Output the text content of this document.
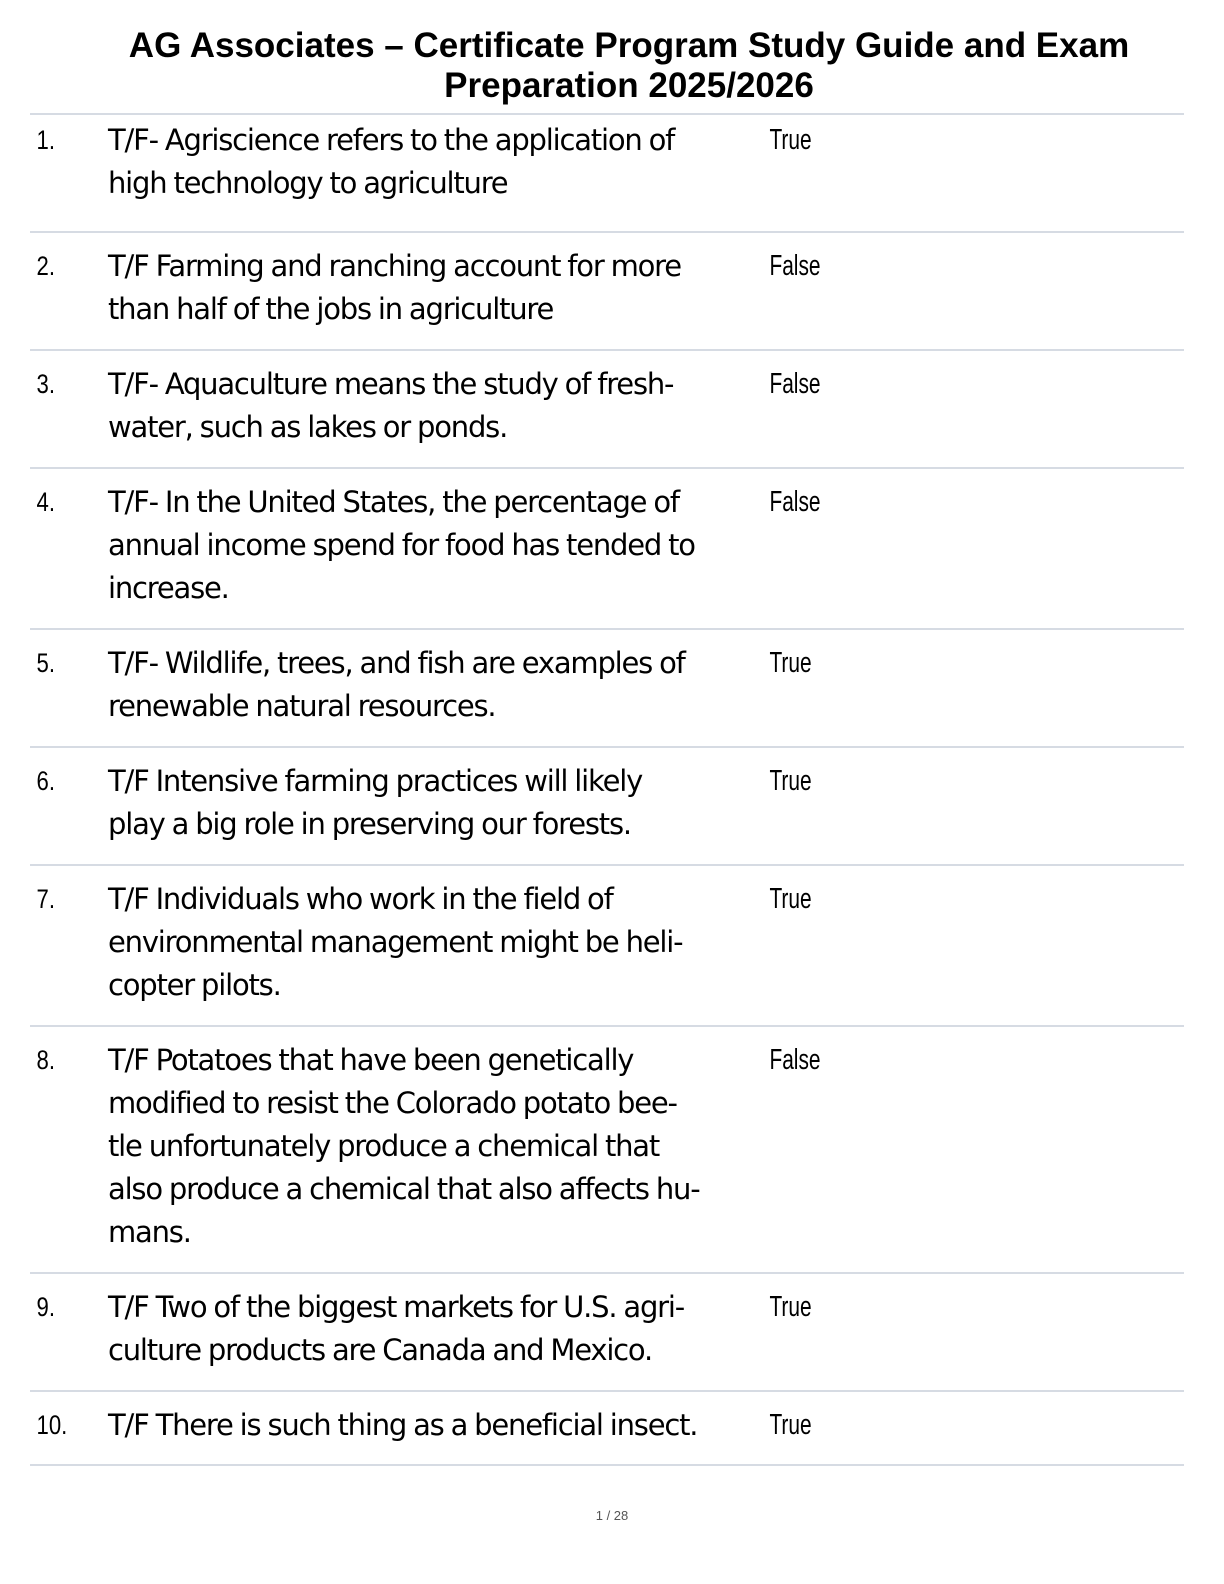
AG Associates – Certificate Program Study Guide and Exam
Preparation 2025/2026
1.	T/F- Agriscience refers to the application of
high technology to agriculture
True
2.	T/F Farming and ranching account for more
than half of the jobs in agriculture
False
3.	T/F- Aquaculture means the study of fresh-
water, such as lakes or ponds.
False
4.	T/F- In the United States, the percentage of
annual income spend for food has tended to
increase.
False
5.	T/F- Wildlife, trees, and fish are examples of
renewable natural resources.
True
6.	T/F Intensive farming practices will likely
play a big role in preserving our forests.
True
7.	T/F Individuals who work in the field of
environmental management might be heli-
copter pilots.
True
8.	T/F Potatoes that have been genetically
modified to resist the Colorado potato bee-
tle unfortunately produce a chemical that
also produce a chemical that also affects hu-
mans.
False
9.	T/F Two of the biggest markets for U.S. agri-
culture products are Canada and Mexico.
True
10.	T/F There is such thing as a beneficial insect.	True
1 / 28
